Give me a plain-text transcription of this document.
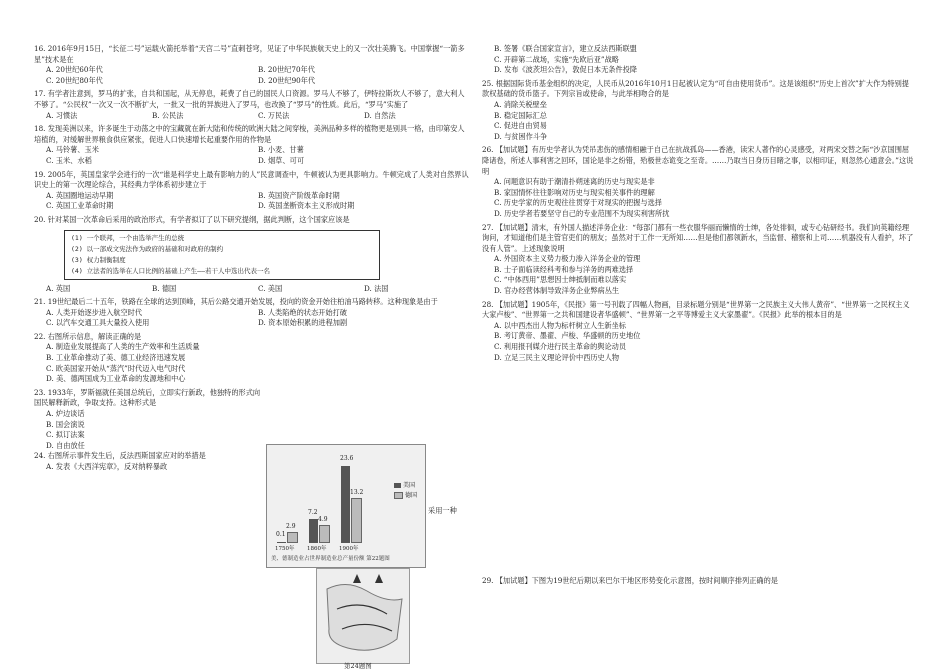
16. 2016年9月15日，“长征二号”运载火箭托举着“天宫二号”直刺苍穹，见证了中华民族航天史上的又一次壮美腾飞。中国掌握“一箭多星”技术是在

A. 20世纪60年代	B. 20世纪70年代
C. 20世纪80年代	D. 20世纪90年代

17. 有学者注意到，罗马的扩张，自共和国起，从无停息，耗费了自己的国民人口资源。罗马人不够了，伊特拉斯坎人不够了，意大利人不够了。“公民权”一次又一次不断扩大，一批又一批的异族进入了罗马，也改换了“罗马”的性质。此后，“罗马”实施了

A. 习惯法	B. 公民法	C. 万民法	D. 自然法

18. 发现美洲以来，许多诞生于动荡之中的宝藏就在新大陆和传统的欧洲大陆之间穿梭，美洲品种多样的植物更是别具一格，由印第安人培植的，对缓解世界粮食供应紧张，促进人口快速增长起重要作用的作物是

A. 马铃薯、玉米	B. 小麦、甘薯
C. 玉米、水稻	D. 烟草、可可

19. 2005年，英国皇家学会进行的一次“谁是科学史上最有影响力的人”民意调查中，牛顿被认为更具影响力。牛顿完成了人类对自然界认识史上的第一次理论综合，其经典力学体系初步建立于

A. 英国圈地运动早期	B. 英国资产阶级革命时期
C. 英国工业革命时期	D. 英国垄断资本主义形成时期

20. 针对某国一次革命后采用的政治形式，有学者拟订了以下研究提纲，据此判断，这个国家应该是

(1) 一个联邦，一个由选举产生的总统
(2) 以一部成文宪法作为政府的基础和对政府的制约
(3) 权力制衡制度
(4) 立法者的选举在人口比例的基础上产生——若干人中选出代表一名
A. 英国	B. 德国	C. 美国	D. 法国

21. 19世纪最后二十五年，铁路在全球的达到顶峰，其后公路交通开始发展，投向的资金开始往柏油马路转移。这种现象是由于

A. 人类开始逐步进入航空时代	B. 人类陷绝的状态开始打破
C. 以汽车交通工具大量投入使用	D. 资本原始积累的进程加剧

22. 右图所示信息，解读正确的是

A. 制造业发展提高了人类的生产效率和生活质量
B. 工业革命推动了美、德工业经济迅速发展
C. 欧美国家开始从“蒸汽”时代迈入电气时代
D. 美、德两国成为工业革命的发源地和中心

23. 1933年，罗斯福就任美国总统后，立即实行新政，他独特的形式向国民解释新政，争取支持。这种形式是

A. 炉边谈话
B. 国会演说
C. 拟订法案
D. 自由放任

24. 右图所示事件发生后，反法西斯国家应对的举措是

A. 发表《大西洋宪章》，反对纳粹暴政
0.1
2.9
1750年
7.2
4.9
1860年
23.6
13.2
1900年
美国
德国
美、德制造业占世界制造业总产量份额 第22题图
采用一种
第24题图
B. 签署《联合国家宣言》，建立反法西斯联盟
C. 开辟第二战场，实施“先欧后亚”战略
D. 发布《波茨坦公告》，敦促日本无条件投降

25. 根据国际货币基金组织的决定，人民币从2016年10月1日起被认定为“可自由使用货币”。这是该组织“历史上首次”扩大作为特别提款权基础的货币篮子。下列宗旨或使命，与此举相吻合的是

A. 消除关税壁垒
B. 稳定国际汇总
C. 促进自由贸易
D. 与贫困作斗争

26. 【加试题】有历史学者认为凭吊悲伤的感情相融于自己在抗战孤岛——香港，读宋人著作的心灵感受，对两宋交替之际“沙京国围屈降诸卷，所述人事利害之回环，国论是非之纷错，殆极世态诡变之至奇。……乃取当日身历目睹之事，以相印证，则忽然心通意会。”这说明

A. 问题意识有助于潮清扑朔迷离的历史与现实是非
B. 家国情怀往往影响对历史与现实相关事件的理解
C. 历史学家的历史观往往贯穿于对现实的把握与选择
D. 历史学者若要坚守自己的专业范围不为现实利害所扰

27. 【加试题】清末，有外国人描述洋务企业：“每部门都有一些衣服华丽而懒惰的士绅，各处徘徊，或专心钻研经书。我们向英籍经理询问，才知道他们是主管官吏们的朋友；虽然对于工作一无所知……但是他们都领新水，当监督、稽察和上司……机器没有人看护，坏了没有人管”。上述现象说明

A. 外国资本主义势力极力渗入洋务企业的管理
B. 士子面临读经科考和参与洋务的两难选择
C. “中体西用”思想因士绅抵制而难以落实
D. 官办经营体制导致洋务企业弊病丛生

28. 【加试题】1905年，《民报》第一号刊载了四幅人物画，目录标题分别是“世界第一之民族主义大伟人黄帝”、“世界第一之民权主义大家卢梭”、“世界第一之共和国建设者华盛顿”、“世界第一之平等博爱主义大家墨翟”。《民报》此举的根本目的是

A. 以中西杰出人物为标杆树立人生新坐标
B. 考订黄帝、墨翟、卢梭、华盛顿的历史地位
C. 利用报刊媒介进行民主革命的舆论动员
D. 立足三民主义理论评价中西历史人物

29. 【加试题】下图为19世纪后期以来巴尔干地区形势变化示意图，按时间顺序排列正确的是
